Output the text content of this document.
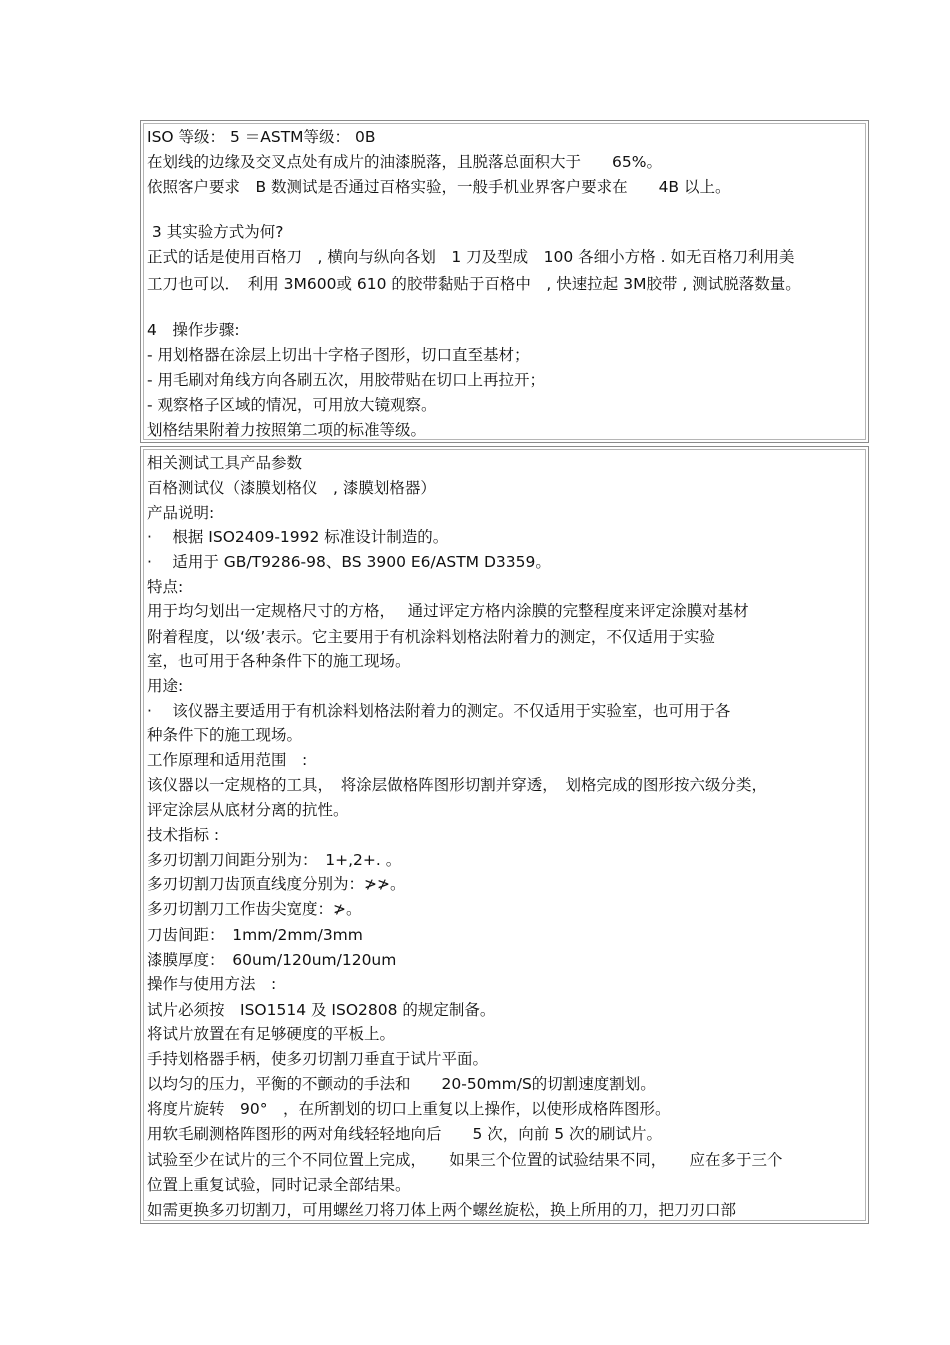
ISO 等级： 5 ＝ASTM等级： 0B
在划线的边缘及交叉点处有成片的油漆脱落，且脱落总面积大于　　65%。
依照客户要求　B 数测试是否通过百格实验，一般手机业界客户要求在　　4B 以上。
3 其实验方式为何?
正式的话是使用百格刀　, 横向与纵向各划　1 刀及型成　100 各细小方格 . 如无百格刀利用美
工刀也可以．　利用 3M600或 610 的胶带黏贴于百格中　, 快速拉起 3M胶带 , 测试脱落数量。
4　操作步骤:
- 用划格器在涂层上切出十字格子图形，切口直至基材；
- 用毛刷对角线方向各刷五次，用胶带贴在切口上再拉开；
- 观察格子区域的情况，可用放大镜观察。
划格结果附着力按照第二项的标准等级。
相关测试工具产品参数
百格测试仪（漆膜划格仪　, 漆膜划格器）
产品说明:
·　 根据 ISO2409-1992 标准设计制造的。
·　 适用于 GB/T9286-98、BS 3900 E6/ASTM D3359。
特点:
用于均匀划出一定规格尺寸的方格，　 通过评定方格内涂膜的完整程度来评定涂膜对基材
附着程度，以‘级’表示。它主要用于有机涂料划格法附着力的测定，不仅适用于实验
室，也可用于各种条件下的施工现场。
用途:
·　 该仪器主要适用于有机涂料划格法附着力的测定。不仅适用于实验室，也可用于各
种条件下的施工现场。
工作原理和适用范围　:
该仪器以一定规格的工具，　将涂层做格阵图形切割并穿透，　划格完成的图形按六级分类，
评定涂层从底材分离的抗性。
技术指标 :
多刃切割刀间距分别为：　1+,2+. 。
多刃切割刀齿顶直线度分别为：≯≯。
多刃切割刀工作齿尖宽度：≯。
刀齿间距：　1mm/2mm/3mm
漆膜厚度：　60um/120um/120um
操作与使用方法　:
试片必须按　ISO1514 及 ISO2808 的规定制备。
将试片放置在有足够硬度的平板上。
手持划格器手柄，使多刃切割刀垂直于试片平面。
以均匀的压力，平衡的不颤动的手法和　　20-50mm/S的切割速度割划。
将度片旋转　90°　，在所割划的切口上重复以上操作，以使形成格阵图形。
用软毛刷测格阵图形的两对角线轻轻地向后　　5 次，向前 5 次的刷试片。
试验至少在试片的三个不同位置上完成，　　如果三个位置的试验结果不同，　　应在多于三个
位置上重复试验，同时记录全部结果。
如需更换多刃切割刀，可用螺丝刀将刀体上两个螺丝旋松，换上所用的刀，把刀刃口部
